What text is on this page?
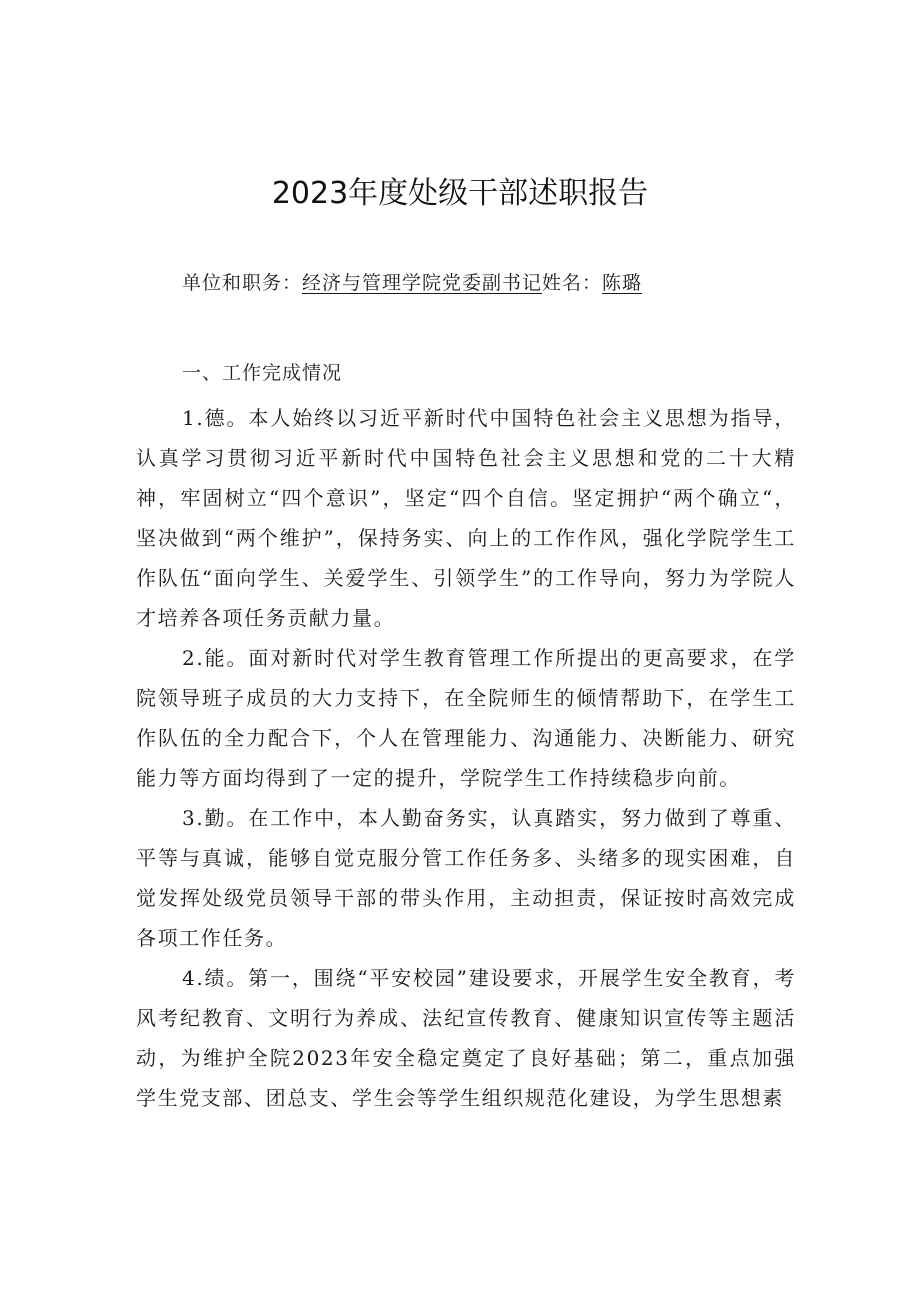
2023年度处级干部述职报告
单位和职务：经济与管理学院党委副书记姓名：陈璐
一、工作完成情况

1.德。本人始终以习近平新时代中国特色社会主义思想为指导，认真学习贯彻习近平新时代中国特色社会主义思想和党的二十大精神，牢固树立“四个意识”，坚定“四个自信。坚定拥护“两个确立“，坚决做到“两个维护”，保持务实、向上的工作作风，强化学院学生工作队伍“面向学生、关爱学生、引领学生”的工作导向，努力为学院人才培养各项任务贡献力量。

2.能。面对新时代对学生教育管理工作所提出的更高要求，在学院领导班子成员的大力支持下，在全院师生的倾情帮助下，在学生工作队伍的全力配合下，个人在管理能力、沟通能力、决断能力、研究能力等方面均得到了一定的提升，学院学生工作持续稳步向前。

3.勤。在工作中，本人勤奋务实，认真踏实，努力做到了尊重、平等与真诚，能够自觉克服分管工作任务多、头绪多的现实困难，自觉发挥处级党员领导干部的带头作用，主动担责，保证按时高效完成各项工作任务。

4.绩。第一，围绕“平安校园”建设要求，开展学生安全教育，考风考纪教育、文明行为养成、法纪宣传教育、健康知识宣传等主题活动，为维护全院2023年安全稳定奠定了良好基础；第二，重点加强学生党支部、团总支、学生会等学生组织规范化建设，为学生思想素
